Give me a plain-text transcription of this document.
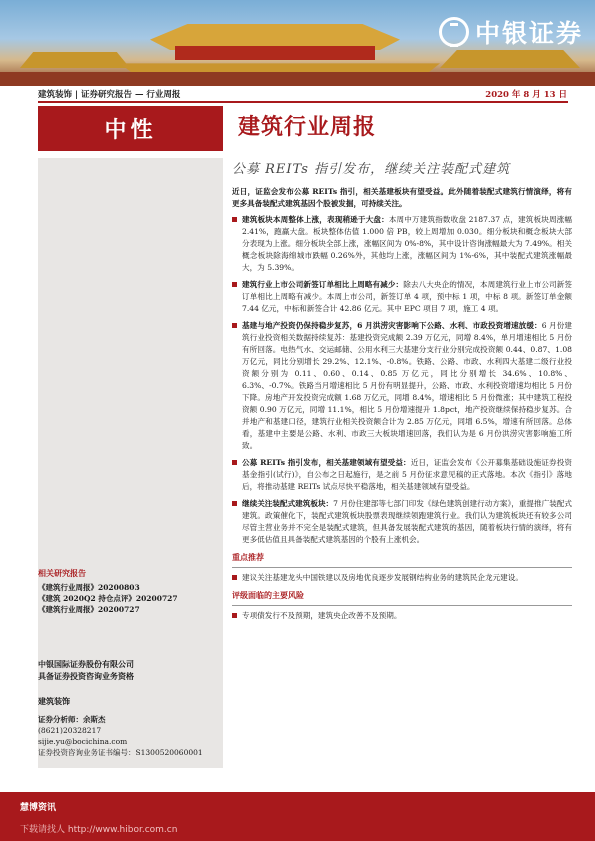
中银证券
建筑装饰 | 证券研究报告 — 行业周报	2020 年 8 月 13 日
中性	建筑行业周报
公募 REITs 指引发布，继续关注装配式建筑
相关研究报告
《建筑行业周报》20200803
《建筑 2020Q2 持仓点评》20200727
《建筑行业周报》20200727
中银国际证券股份有限公司
具备证券投资咨询业务资格
建筑装饰
证券分析师：余斯杰
(8621)20328217
sijie.yu@bocichina.com
证券投资咨询业务证书编号：S1300520060001
近日，证监会发布公募 REITs 指引，相关基建板块有望受益。此外随着装配式建筑行情演绎，将有更多具备装配式建筑基因个股被发掘，可持续关注。
建筑板块本周整体上涨，表现稍逊于大盘：本周中万建筑指数收盘 2187.37 点，建筑板块周涨幅 2.41%，跑赢大盘。板块整体估值 1.000 倍 PB，较上周增加 0.030。细分板块和概念板块大部分表现为上涨。细分板块全部上涨，涨幅区间为 0%-8%，其中设计咨询涨幅最大为 7.49%。相关概念板块除海绵城市跌幅 0.26%外，其他均上涨，涨幅区间为 1%-6%，其中装配式建筑涨幅最大，为 5.39%。
建筑行业上市公司新签订单相比上周略有减少：除去八大央企的情况，本周建筑行业上市公司新签订单相比上周略有减少。本周上市公司，新签订单 4 项，预中标 1 项，中标 8 项。新签订单金额 7.44 亿元，中标和新签合计 42.86 亿元。其中 EPC 项目 7 项，施工 4 项。
基建与地产投资仍保持稳步复苏，6 月洪涝灾害影响下公路、水利、市政投资增速放缓：6 月份建筑行业投资相关数据持续复苏：基建投资完成额 2.39 万亿元，同增 8.4%，单月增速相比 5 月份有所回落。电热气水、交运邮储、公用水利三大基建分支行业分别完成投资额 0.44、0.87、1.08 万亿元，同比分别增长 29.2%、12.1%、-0.8%。铁路、公路、市政、水利四大基建二级行业投资额分别为 0.11、0.60、0.14、0.85 万亿元，同比分别增长 34.6%、10.8%、6.3%、-0.7%。铁路当月增速相比 5 月份有明显提升，公路、市政、水利投资增速均相比 5 月份下降。房地产开发投资完成额 1.68 万亿元，同增 8.4%，增速相比 5 月份微涨；其中建筑工程投资额 0.90 万亿元，同增 11.1%，相比 5 月份增速提升 1.8pct，地产投资继续保持稳步复苏。合并地产和基建口径，建筑行业相关投资额合计为 2.85 万亿元，同增 6.5%，增速有所回落。总体看，基建中主要是公路、水利、市政三大板块增速回落，我们认为是 6 月份洪涝灾害影响施工所致。
公募 REITs 指引发布，相关基建领域有望受益：近日，证监会发布《公开募集基础设施证券投资基金指引(试行)》，自公布之日起施行，是之前 5 月份征求意见稿的正式落地。本次《指引》落地后，将推动基建 REITs 试点尽快平稳落地，相关基建领域有望受益。
继续关注装配式建筑板块：7 月份住建部等七部门印发《绿色建筑创建行动方案》，重提推广装配式建筑。政策催化下，装配式建筑板块股票表现继续领跑建筑行业。我们认为建筑板块还有较多公司尽管主营业务并不完全是装配式建筑，但具备发展装配式建筑的基因，随着板块行情的演绎，将有更多低估值且具备装配式建筑基因的个股有上涨机会。
重点推荐
建议关注基建龙头中国铁建以及房地优良逐步发展钢结构业务的建筑民企龙元建设。
评级面临的主要风险
专项债发行不及预期，建筑央企改善不及预期。
慧博资讯
下载请找人 http://www.hibor.com.cn
